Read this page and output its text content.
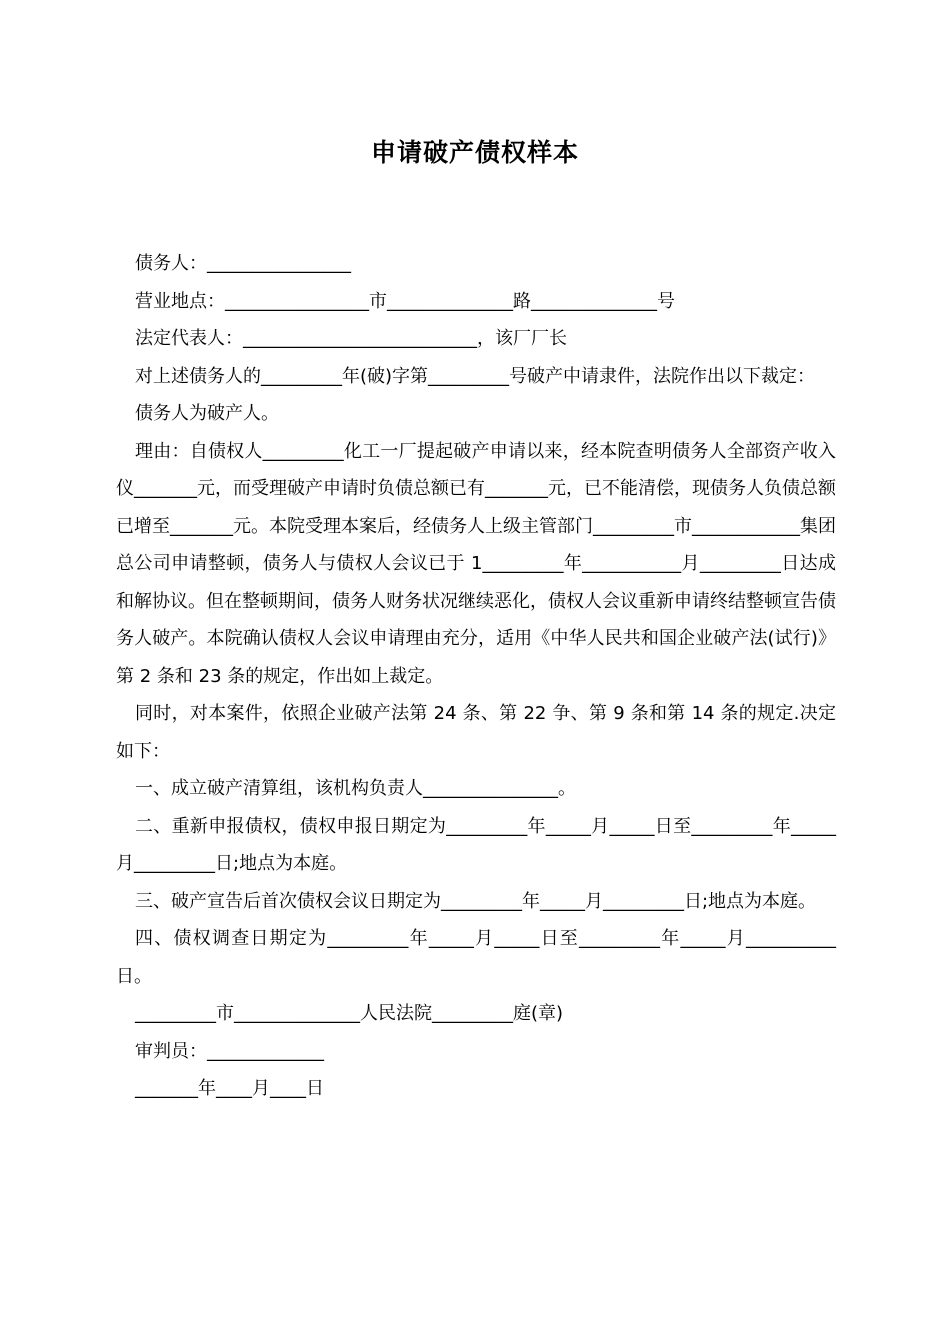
申请破产债权样本

债务人：________________

营业地点：________________市______________路______________号

法定代表人：__________________________，该厂厂长

对上述债务人的_________年(破)字第_________号破产中请隶件，法院作出以下裁定：

债务人为破产人。

理由：自债权人_________化工一厂提起破产申请以来，经本院查明债务人全部资产收入仪_______元，而受理破产申请时负债总额已有_______元，已不能清偿，现债务人负债总额已增至_______元。本院受理本案后，经债务人上级主管部门_________市____________集团总公司申请整顿，债务人与债权人会议已于 1_________年___________月_________日达成和解协议。但在整顿期间，债务人财务状况继续恶化，债权人会议重新申请终结整顿宣告债务人破产。本院确认债权人会议申请理由充分，适用《中华人民共和国企业破产法(试行)》第 2 条和 23 条的规定，作出如上裁定。

同时，对本案件，依照企业破产法第 24 条、第 22 争、第 9 条和第 14 条的规定.决定如下：

一、成立破产清算组，该机构负责人_______________。

二、重新申报债权，债权申报日期定为_________年_____月_____日至_________年_____月_________日;地点为本庭。

三、破产宣告后首次债权会议日期定为_________年_____月_________日;地点为本庭。

四、债权调查日期定为_________年_____月_____日至_________年_____月__________日。

_________市______________人民法院_________庭(章)

审判员：_____________

_______年____月____日
